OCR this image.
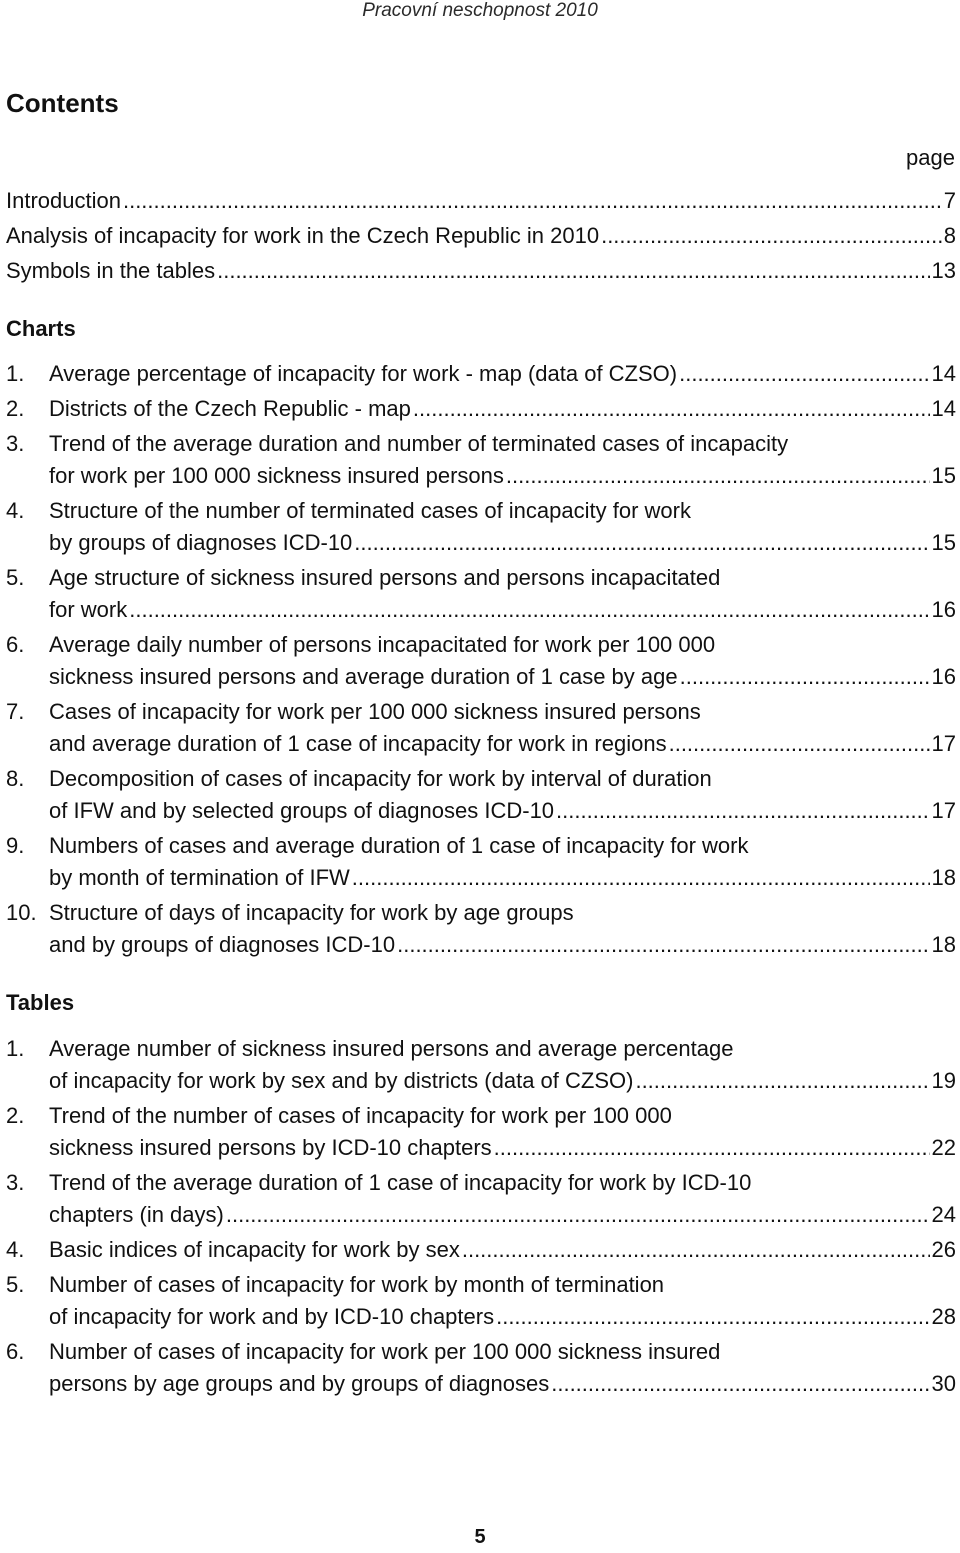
Pracovní neschopnost 2010
Contents
page
Introduction .....	7
Analysis of incapacity for work in the Czech Republic in 2010 .....	8
Symbols in the tables .....	13
Charts
1. Average percentage of incapacity for work - map (data of CZSO) .....	14
2. Districts of the Czech Republic - map .....	14
3. Trend of the average duration and number of terminated cases of incapacity
for work per 100 000 sickness insured persons .....	15
4. Structure of the number of terminated cases of incapacity for work
by groups of diagnoses ICD-10 .....	15
5. Age structure of sickness insured persons and persons incapacitated
for work .....	16
6. Average daily number of persons incapacitated for work per 100 000
sickness insured persons and average duration of 1 case by age .....	16
7. Cases of incapacity for work per 100 000 sickness insured persons
and average duration of 1 case of incapacity for work in regions .....	17
8. Decomposition of cases of incapacity for work by interval of duration
of IFW and by selected groups of diagnoses ICD-10 .....	17
9. Numbers of cases and average duration of 1 case of incapacity for work
by month of termination of IFW .....	18
10. Structure of days of incapacity for work by age groups
and by groups of diagnoses ICD-10 .....	18
Tables
1. Average number of sickness insured persons and average percentage
of incapacity for work by sex and by districts (data of CZSO) .....	19
2. Trend of the number of cases of incapacity for work per 100 000
sickness insured persons by ICD-10 chapters .....	22
3. Trend of the average duration of 1 case of incapacity for work by ICD-10
chapters (in days) .....	24
4. Basic indices of incapacity for work by sex .....	26
5. Number of cases of incapacity for work by month of termination
of incapacity for work and by ICD-10 chapters .....	28
6. Number of cases of incapacity for work per 100 000 sickness insured
persons by age groups and by groups of diagnoses .....	30
5
